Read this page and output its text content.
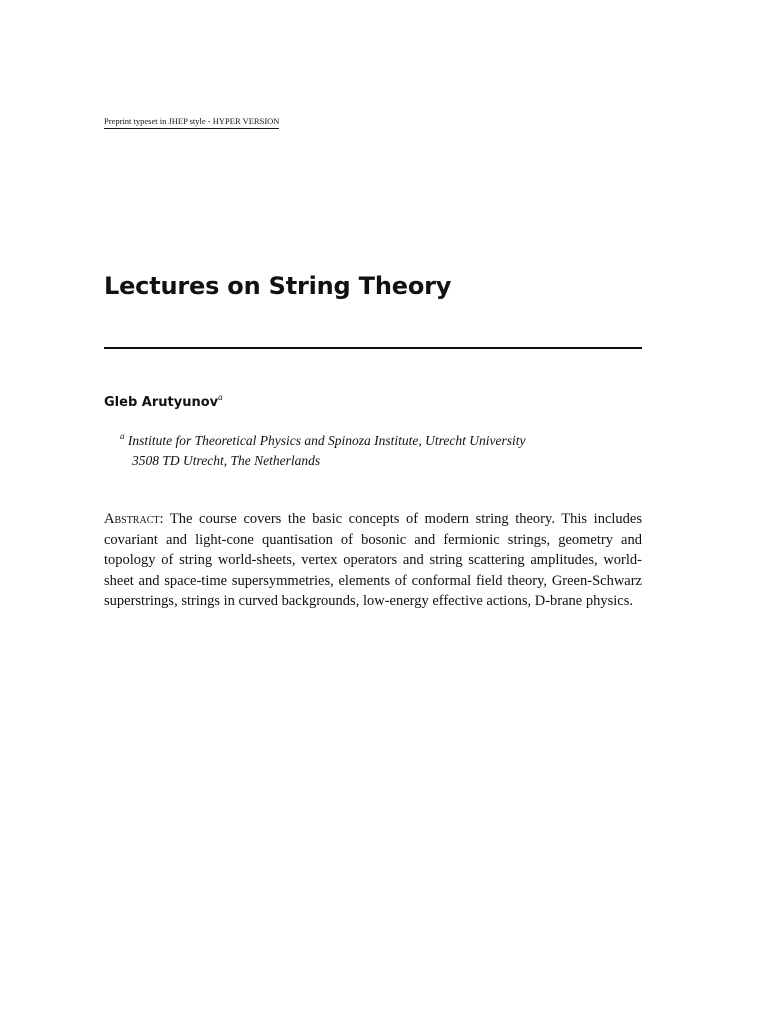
Preprint typeset in JHEP style - HYPER VERSION
Lectures on String Theory
Gleb Arutyunov$^a$
$^a$ Institute for Theoretical Physics and Spinoza Institute, Utrecht University
3508 TD Utrecht, The Netherlands
Abstract: The course covers the basic concepts of modern string theory. This includes covariant and light-cone quantisation of bosonic and fermionic strings, geometry and topology of string world-sheets, vertex operators and string scattering amplitudes, world-sheet and space-time supersymmetries, elements of conformal field theory, Green-Schwarz superstrings, strings in curved backgrounds, low-energy effective actions, D-brane physics.
